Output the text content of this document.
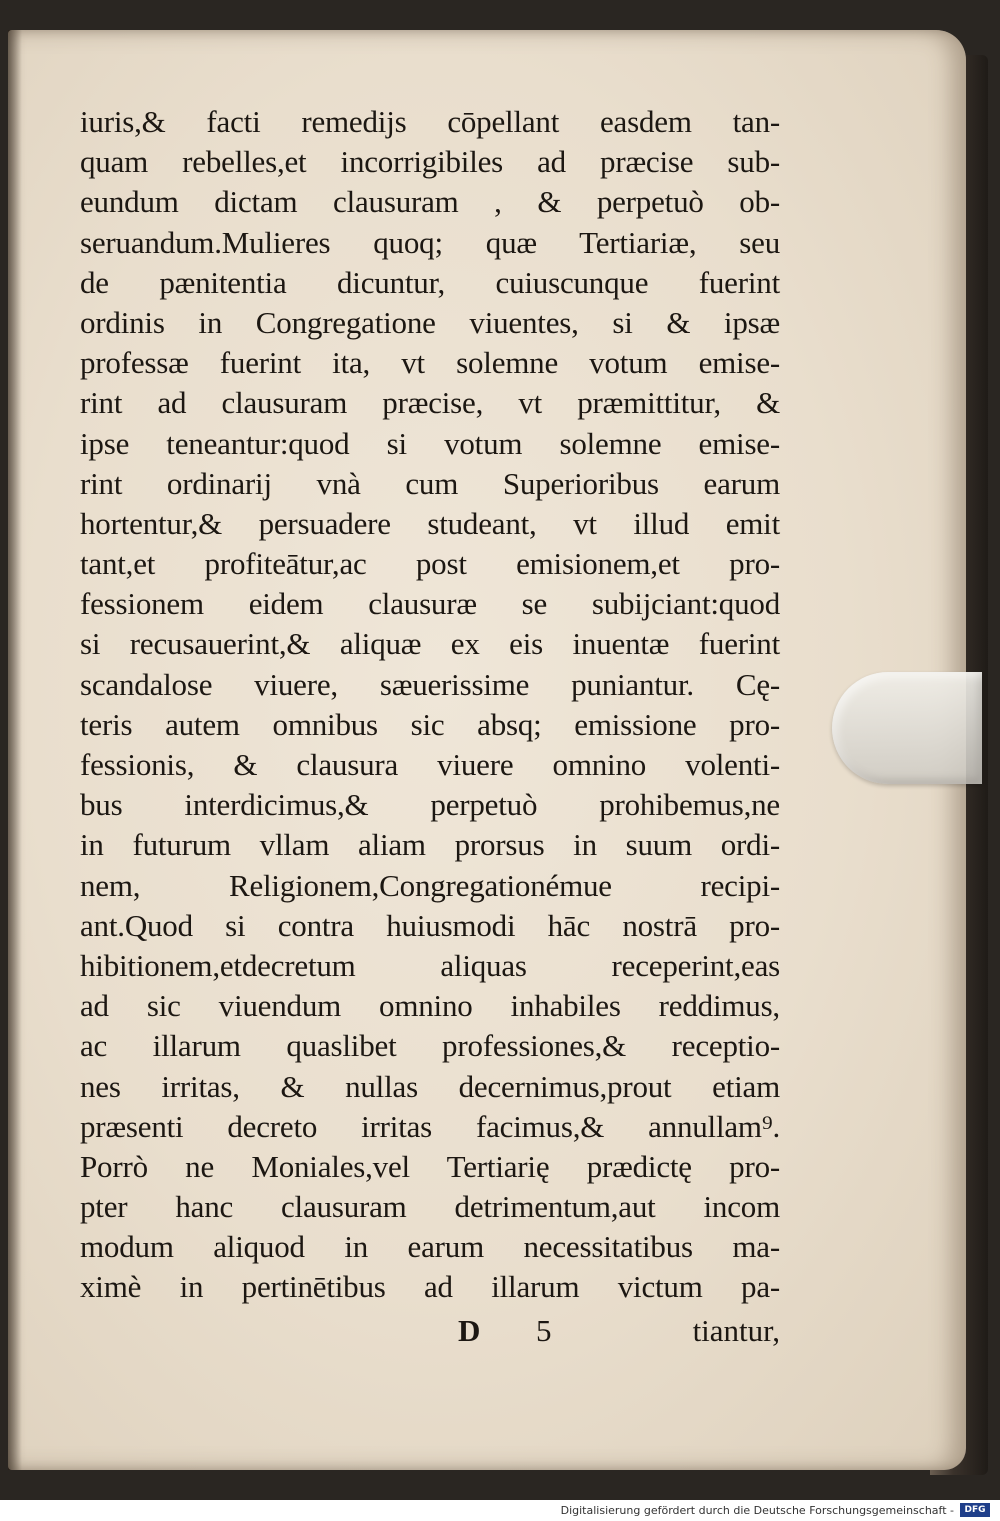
iuris,& facti remedijs cōpellant easdem tan-
quam rebelles,et incorrigibiles ad præcise sub-
eundum dictam clausuram , & perpetuò ob-
seruandum.Mulieres quoq; quæ Tertiariæ, seu
de pænitentia dicuntur, cuiuscunque fuerint
ordinis in Congregatione viuentes, si & ipsæ
professæ fuerint ita, vt solemne votum emise-
rint ad clausuram præcise, vt præmittitur, &
ipse teneantur:quod si votum solemne emise-
rint ordinarij vnà cum Superioribus earum
hortentur,& persuadere studeant, vt illud emit
tant,et profiteātur,ac post emisionem,et pro-
fessionem eidem clausuræ se subijciant:quod
si recusauerint,& aliquæ ex eis inuentæ fuerint
scandalose viuere, sæuerissime puniantur. Cę-
teris autem omnibus sic absq; emissione pro-
fessionis, & clausura viuere omnino volenti-
bus interdicimus,& perpetuò prohibemus,ne
in futurum vllam aliam prorsus in suum ordi-
nem, Religionem,Congregationémue recipi-
ant.Quod si contra huiusmodi hāc nostrā pro-
hibitionem,etdecretum aliquas receperint,eas
ad sic viuendum omnino inhabiles reddimus,
ac illarum quaslibet professiones,& receptio-
nes irritas, & nullas decernimus,prout etiam
præsenti decreto irritas facimus,& annullam⁹.
Porrò ne Moniales,vel Tertiarię prædictę pro-
pter hanc clausuram detrimentum,aut incom
modum aliquod in earum necessitatibus ma-
ximè in pertinētibus ad illarum victum pa-
D 5	tiantur,
Digitalisierung gefördert durch die Deutsche Forschungsgemeinschaft -	DFG
